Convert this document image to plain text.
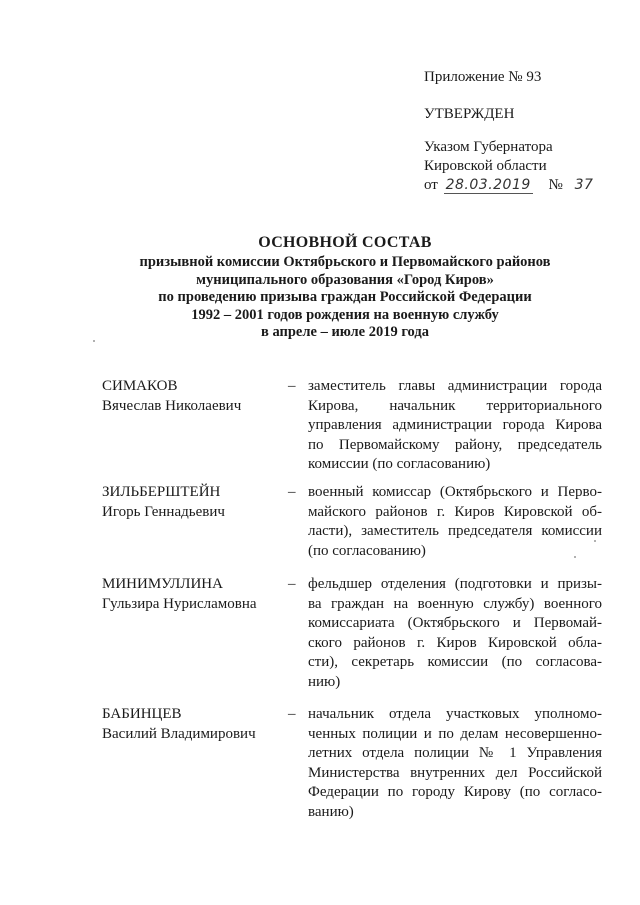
Приложение № 93
УТВЕРЖДЕН
Указом Губернатора
Кировской области
от 28.03.2019 № 37
ОСНОВНОЙ СОСТАВ
призывной комиссии Октябрьского и Первомайского районов
муниципального образования «Город Киров»
по проведению призыва граждан Российской Федерации
1992 – 2001 годов рождения на военную службу
в апреле – июле 2019 года
СИМАКОВ
Вячеслав Николаевич
– заместитель главы администрации города
Кирова, начальник территориального
управления администрации города Кирова
по Первомайскому району, председатель
комиссии (по согласованию)
ЗИЛЬБЕРШТЕЙН
Игорь Геннадьевич
– военный комиссар (Октябрьского и Перво-
майского районов г. Киров Кировской об-
ласти), заместитель председателя комиссии
(по согласованию)
МИНИМУЛЛИНА
Гульзира Нурисламовна
– фельдшер отделения (подготовки и призы-
ва граждан на военную службу) военного
комиссариата (Октябрьского и Первомай-
ского районов г. Киров Кировской обла-
сти), секретарь комиссии (по согласова-
нию)
БАБИНЦЕВ
Василий Владимирович
– начальник отдела участковых уполномо-
ченных полиции и по делам несовершенно-
летних отдела полиции № 1 Управления
Министерства внутренних дел Российской
Федерации по городу Кирову (по согласо-
ванию)
